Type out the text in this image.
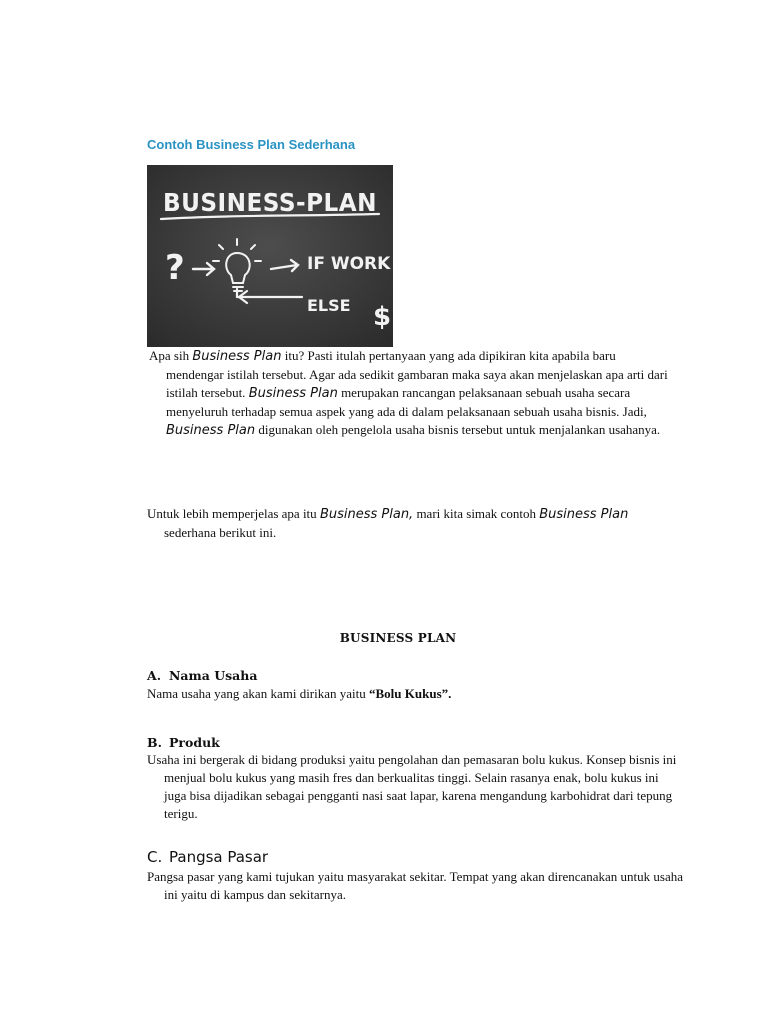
Contoh Business Plan Sederhana
BUSINESS-PLAN
?	IF WORK
ELSE $

Apa sih Business Plan itu? Pasti itulah pertanyaan yang ada dipikiran kita apabila baru mendengar istilah tersebut. Agar ada sedikit gambaran maka saya akan menjelaskan apa arti dari istilah tersebut. Business Plan merupakan rancangan pelaksanaan sebuah usaha secara menyeluruh terhadap semua aspek yang ada di dalam pelaksanaan sebuah usaha bisnis. Jadi, Business Plan digunakan oleh pengelola usaha bisnis tersebut untuk menjalankan usahanya.

Untuk lebih memperjelas apa itu Business Plan, mari kita simak contoh Business Plan sederhana berikut ini.

BUSINESS PLAN

A. Nama Usaha

Nama usaha yang akan kami dirikan yaitu “Bolu Kukus”.

B. Produk

Usaha ini bergerak di bidang produksi yaitu pengolahan dan pemasaran bolu kukus. Konsep bisnis ini menjual bolu kukus yang masih fres dan berkualitas tinggi. Selain rasanya enak, bolu kukus ini juga bisa dijadikan sebagai pengganti nasi saat lapar, karena mengandung karbohidrat dari tepung terigu.

C. Pangsa Pasar

Pangsa pasar yang kami tujukan yaitu masyarakat sekitar. Tempat yang akan direncanakan untuk usaha ini yaitu di kampus dan sekitarnya.
